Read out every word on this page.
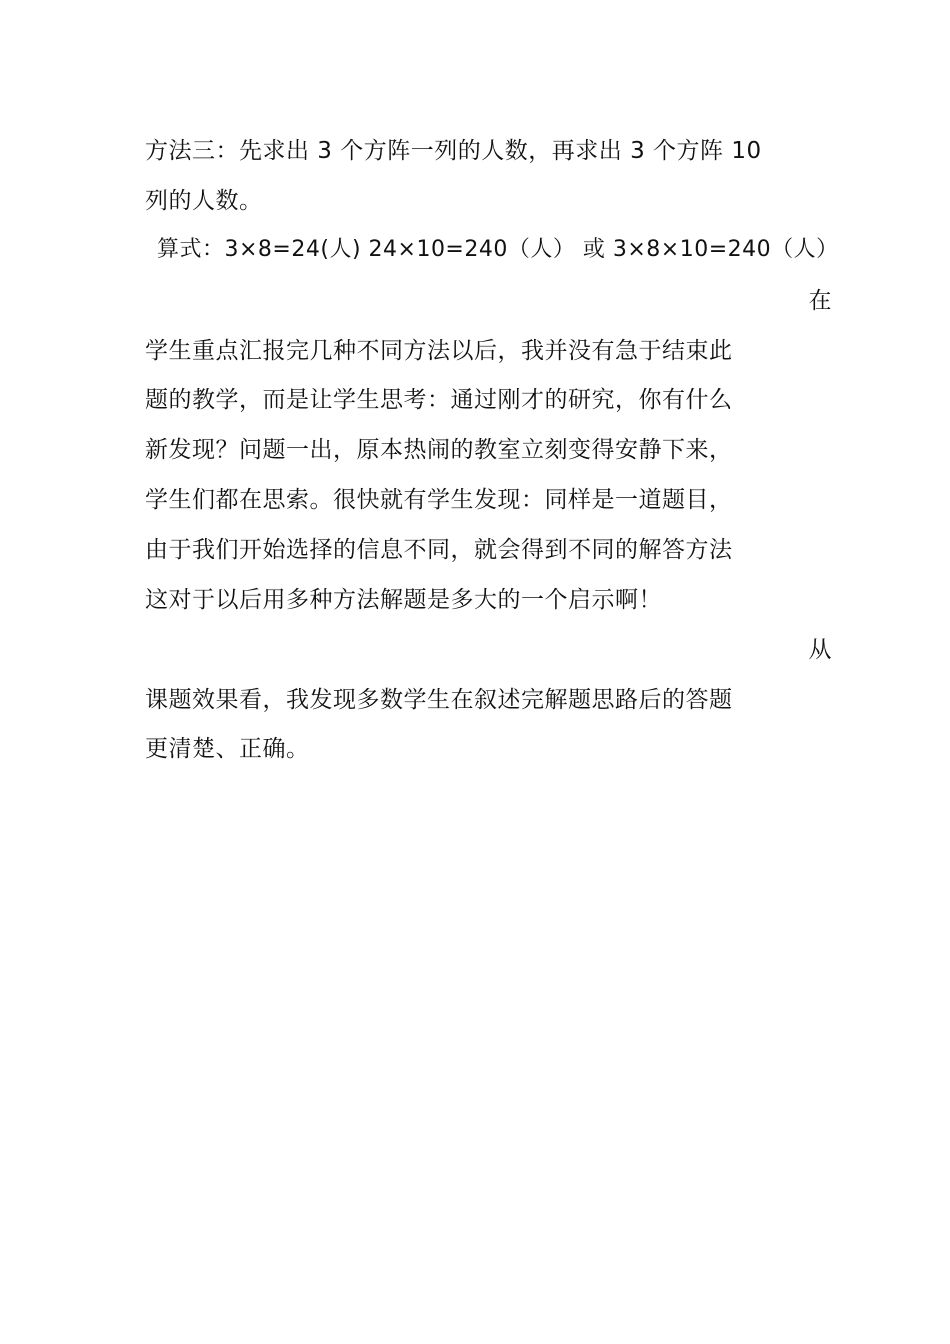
方法三：先求出 3 个方阵一列的人数，再求出 3 个方阵 10
列的人数。
算式：3×8=24(人) 24×10=240（人） 或 3×8×10=240（人）
在
学生重点汇报完几种不同方法以后，我并没有急于结束此
题的教学，而是让学生思考：通过刚才的研究，你有什么
新发现？问题一出，原本热闹的教室立刻变得安静下来，
学生们都在思索。很快就有学生发现：同样是一道题目，
由于我们开始选择的信息不同，就会得到不同的解答方法
这对于以后用多种方法解题是多大的一个启示啊！
从
课题效果看，我发现多数学生在叙述完解题思路后的答题
更清楚、正确。
